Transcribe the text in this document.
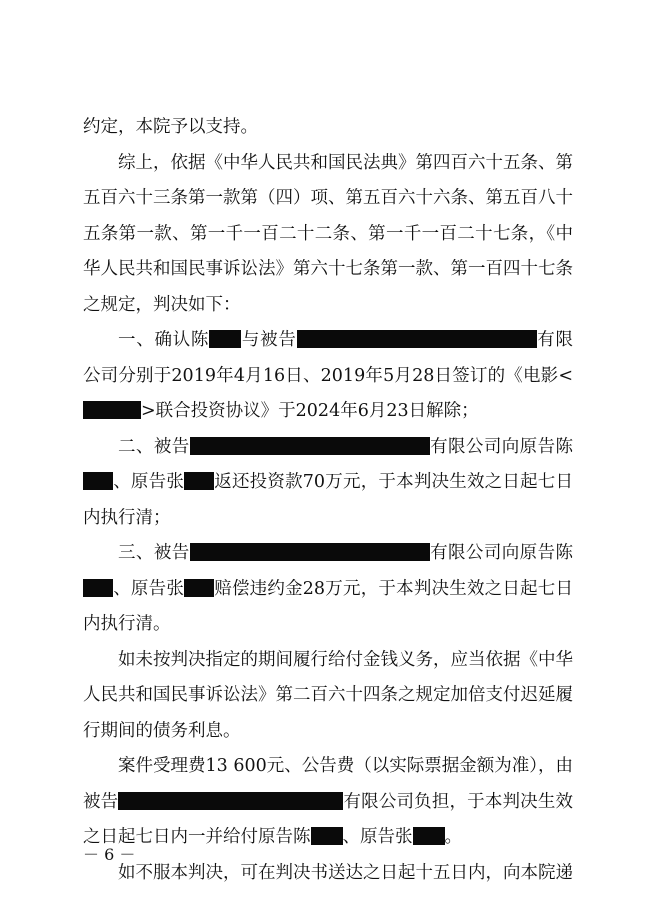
约定，本院予以支持。

综上，依据《中华人民共和国民法典》第四百六十五条、第五百六十三条第一款第（四）项、第五百六十六条、第五百八十五条第一款、第一千一百二十二条、第一千一百二十七条，《中华人民共和国民事诉讼法》第六十七条第一款、第一百四十七条之规定，判决如下：

一、确认陈 与被告	有限公司分别于2019年4月16日、2019年5月28日签订的《电影<>联合投资协议》于2024年6月23日解除；

二、被告	有限公司向原告陈、原告张 返还投资款70万元，于本判决生效之日起七日内执行清；

三、被告	有限公司向原告陈、原告张 赔偿违约金28万元，于本判决生效之日起七日内执行清。

如未按判决指定的期间履行给付金钱义务，应当依据《中华人民共和国民事诉讼法》第二百六十四条之规定加倍支付迟延履行期间的债务利息。

案件受理费13 600元、公告费（以实际票据金额为准），由被告	有限公司负担，于本判决生效之日起七日内一并给付原告陈 、原告张 。

如不服本判决，可在判决书送达之日起十五日内，向本院递

－ 6 －
